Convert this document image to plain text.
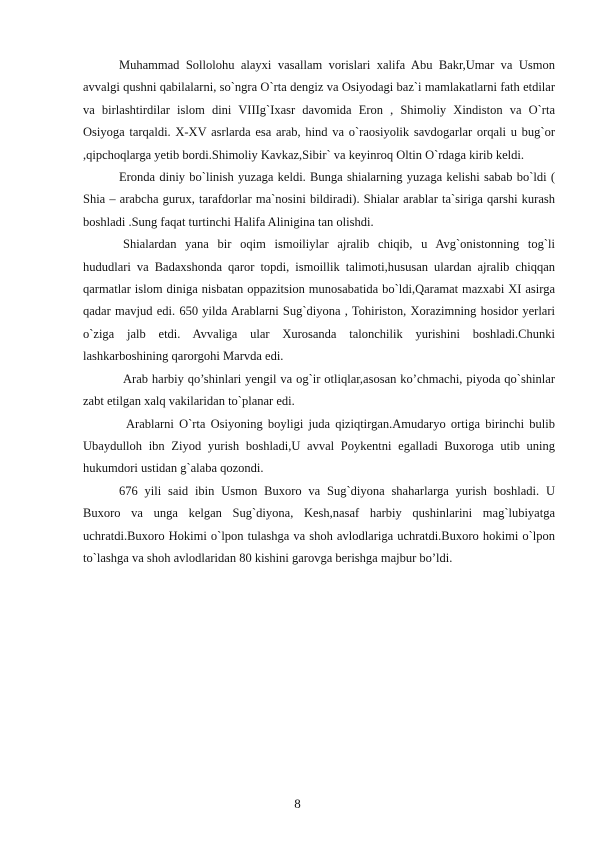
Muhammad Sollolohu alayxi vasallam vorislari xalifa Abu Bakr,Umar va Usmon avvalgi qushni qabilalarni, so`ngra O`rta dengiz va Osiyodagi baz`i mamlakatlarni fath etdilar va birlashtirdilar islom dini VIIIg`Ixasr davomida Eron , Shimoliy Xindiston va O`rta Osiyoga tarqaldi. X-XV asrlarda esa arab, hind va o`raosiyolik savdogarlar orqali u bug`or ,qipchoqlarga yetib bordi.Shimoliy Kavkaz,Sibir` va keyinroq Oltin O`rdaga kirib keldi.

Eronda diniy bo`linish yuzaga keldi. Bunga shialarning yuzaga kelishi sabab bo`ldi ( Shia – arabcha gurux, tarafdorlar ma`nosini bildiradi). Shialar arablar ta`siriga qarshi kurash boshladi .Sung faqat turtinchi Halifa Alinigina tan olishdi.

Shialardan yana bir oqim ismoiliylar ajralib chiqib, u Avg`onistonning tog`li hududlari va Badaxshonda qaror topdi, ismoillik talimoti,hususan ulardan ajralib chiqqan qarmatlar islom diniga nisbatan oppazitsion munosabatida bo`ldi,Qaramat mazxabi XI asirga qadar mavjud edi. 650 yilda Arablarni Sug`diyona , Tohiriston, Xorazimning hosidor yerlari o`ziga jalb etdi. Avvaliga ular Xurosanda talonchilik yurishini boshladi.Chunki lashkarboshining qarorgohi Marvda edi.

Arab harbiy qo’shinlari yengil va og`ir otliqlar,asosan ko’chmachi, piyoda qo`shinlar zabt etilgan xalq vakilaridan to`planar edi.

Arablarni O`rta Osiyoning boyligi juda qiziqtirgan.Amudaryo ortiga birinchi bulib Ubaydulloh ibn Ziyod yurish boshladi,U avval Poykentni egalladi Buxoroga utib uning hukumdori ustidan g`alaba qozondi.

676 yili said ibin Usmon Buxoro va Sug`diyona shaharlarga yurish boshladi. U Buxoro va unga kelgan Sug`diyona, Kesh,nasaf harbiy qushinlarini mag`lubiyatga uchratdi.Buxoro Hokimi o`lpon tulashga va shoh avlodlariga uchratdi.Buxoro hokimi o`lpon to`lashga va shoh avlodlaridan 80 kishini garovga berishga majbur bo’ldi.

8
